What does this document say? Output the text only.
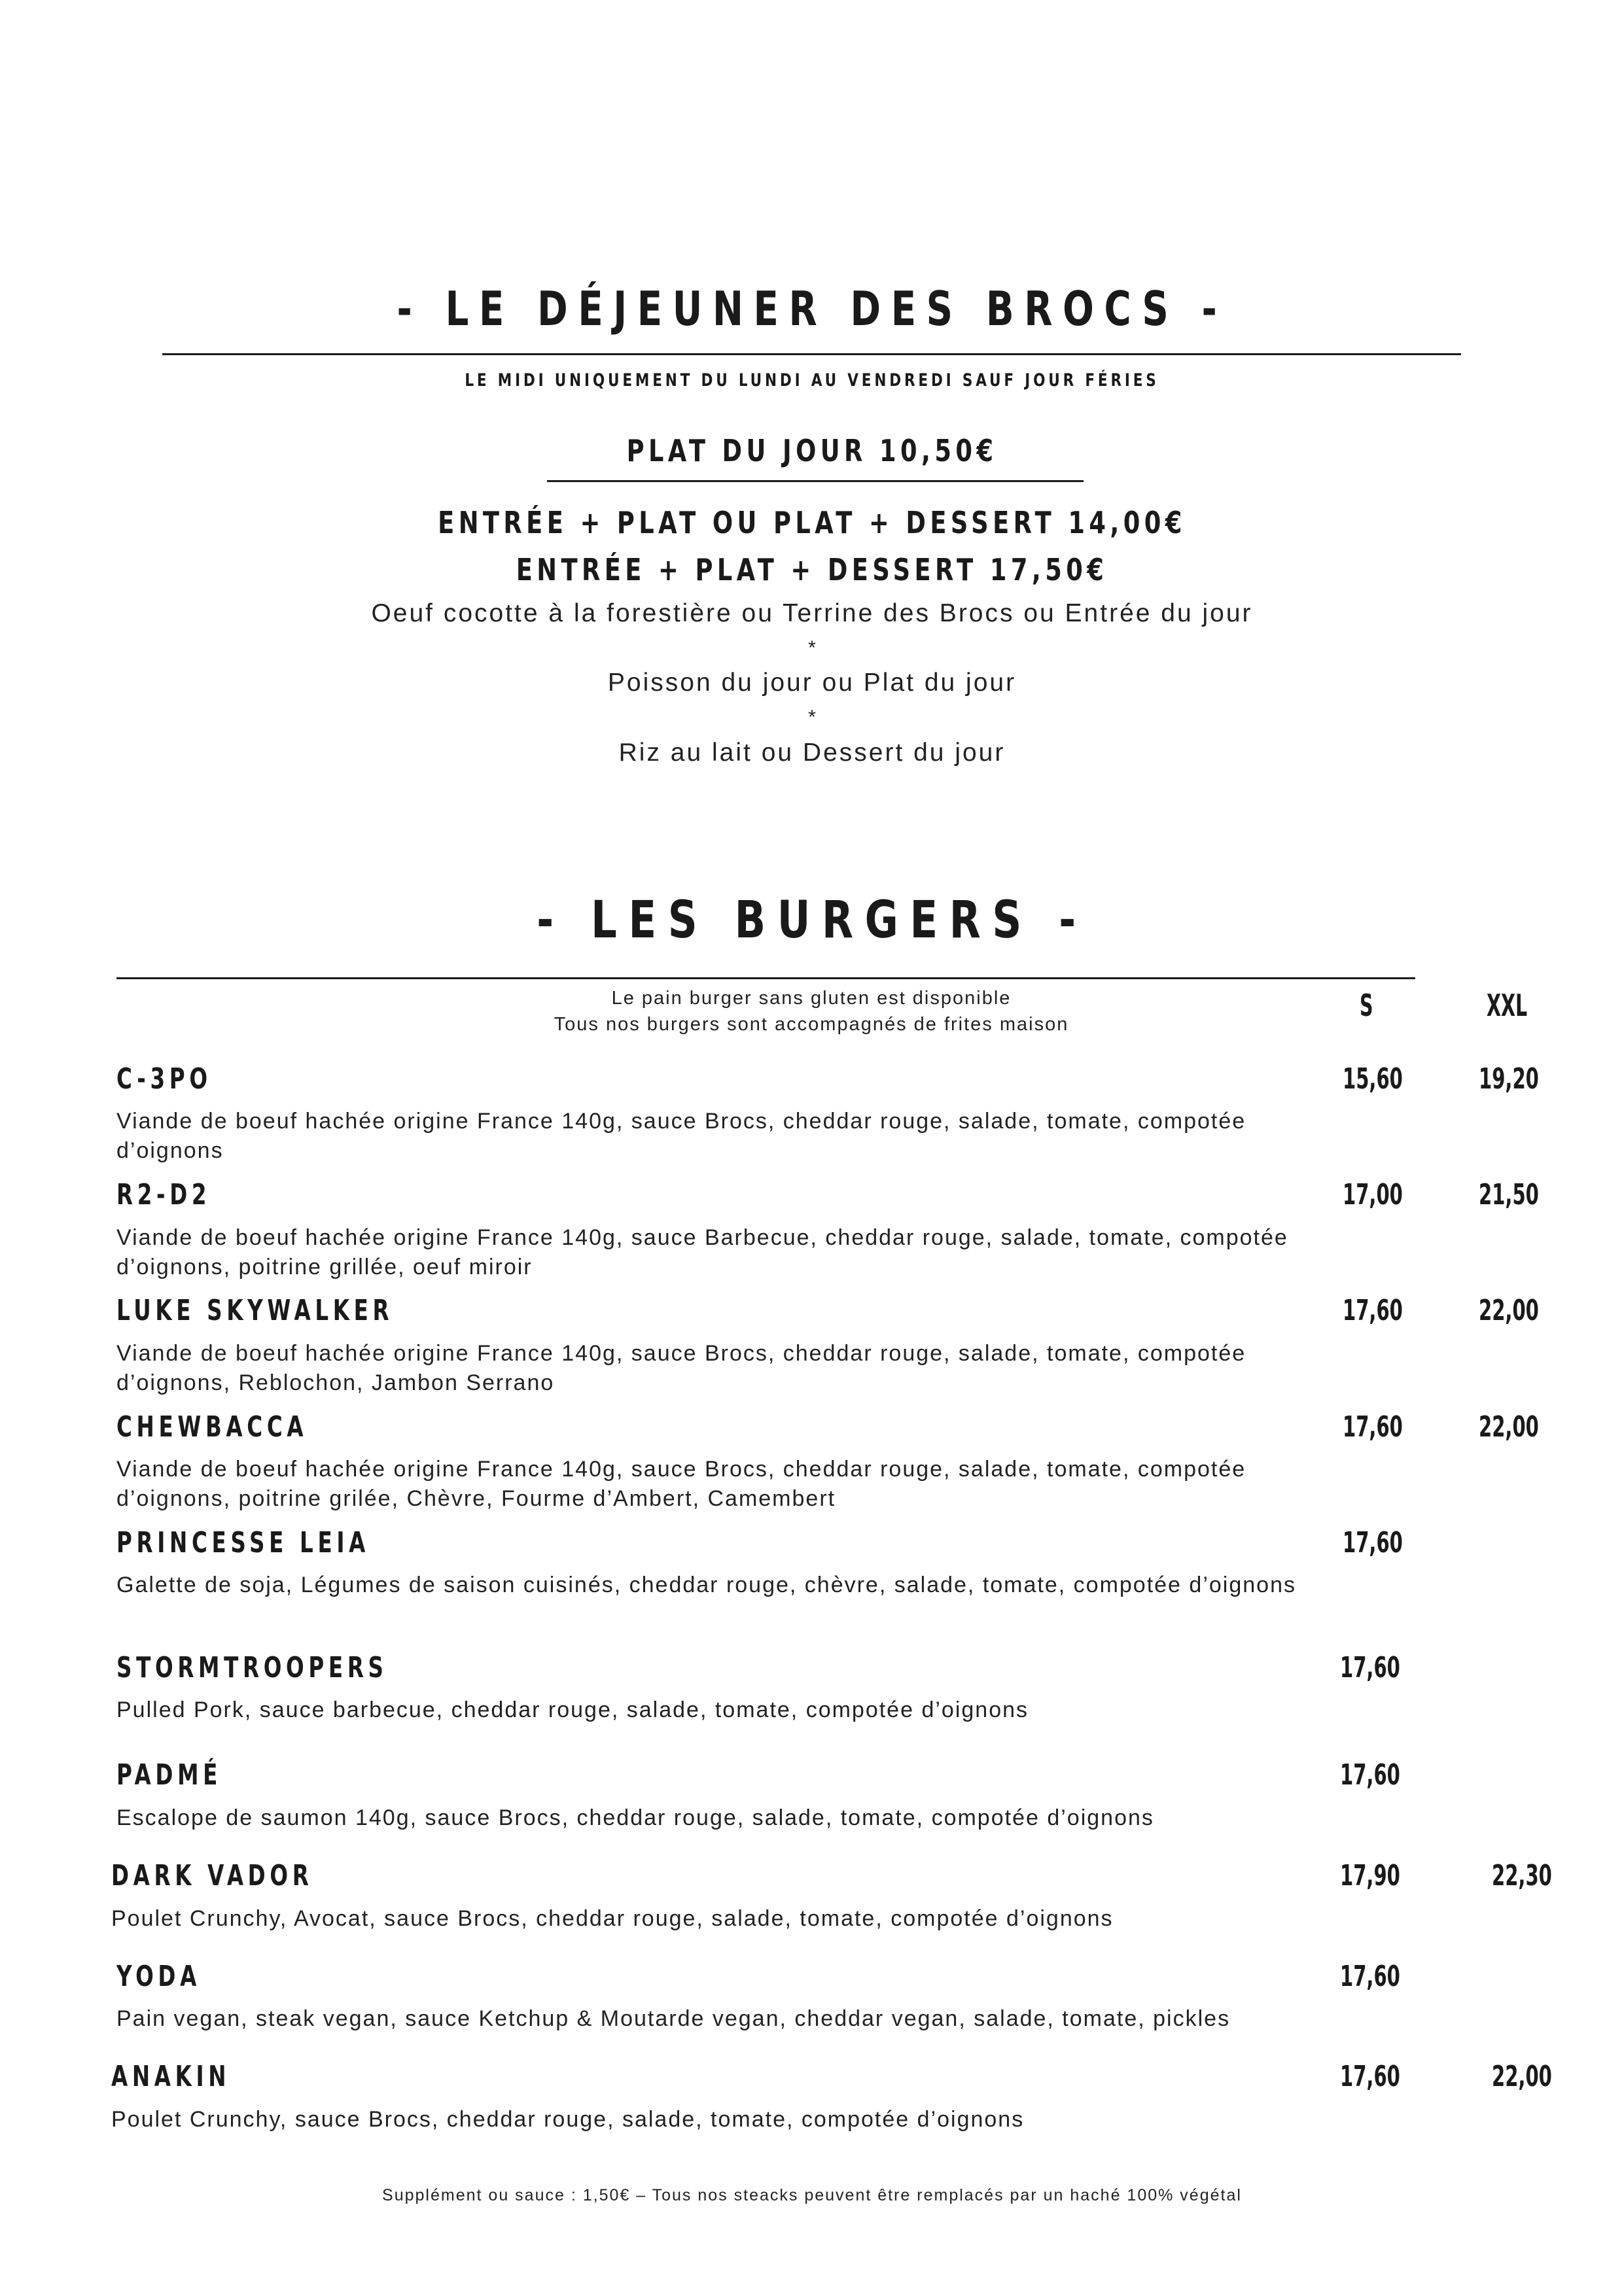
- LE DÉJEUNER DES BROCS -
LE MIDI UNIQUEMENT DU LUNDI AU VENDREDI SAUF JOUR FÉRIES
PLAT DU JOUR 10,50€
ENTRÉE + PLAT OU PLAT + DESSERT 14,00€
ENTRÉE + PLAT + DESSERT 17,50€
Oeuf cocotte à la forestière ou Terrine des Brocs ou Entrée du jour
*
Poisson du jour ou Plat du jour
*
Riz au lait ou Dessert du jour
- LES BURGERS -
Le pain burger sans gluten est disponible
Tous nos burgers sont accompagnés de frites maison
S	XXL
C-3PO	15,60	19,20
Viande de boeuf hachée origine France 140g, sauce Brocs, cheddar rouge, salade, tomate, compotée d’oignons
R2-D2	17,00	21,50
Viande de boeuf hachée origine France 140g, sauce Barbecue, cheddar rouge, salade, tomate, compotée d’oignons, poitrine grillée, oeuf miroir
LUKE SKYWALKER	17,60	22,00
Viande de boeuf hachée origine France 140g, sauce Brocs, cheddar rouge, salade, tomate, compotée d’oignons, Reblochon, Jambon Serrano
CHEWBACCA	17,60	22,00
Viande de boeuf hachée origine France 140g, sauce Brocs, cheddar rouge, salade, tomate, compotée d’oignons, poitrine grilée, Chèvre, Fourme d’Ambert, Camembert
PRINCESSE LEIA	17,60
Galette de soja, Légumes de saison cuisinés, cheddar rouge, chèvre, salade, tomate, compotée d’oignons
STORMTROOPERS	17,60
Pulled Pork, sauce barbecue, cheddar rouge, salade, tomate, compotée d’oignons
PADMÉ	17,60
Escalope de saumon 140g, sauce Brocs, cheddar rouge, salade, tomate, compotée d’oignons
DARK VADOR	17,90	22,30
Poulet Crunchy, Avocat, sauce Brocs, cheddar rouge, salade, tomate, compotée d’oignons
YODA	17,60
Pain vegan, steak vegan, sauce Ketchup & Moutarde vegan, cheddar vegan, salade, tomate, pickles
ANAKIN	17,60	22,00
Poulet Crunchy, sauce Brocs, cheddar rouge, salade, tomate, compotée d’oignons
Supplément ou sauce : 1,50€ – Tous nos steacks peuvent être remplacés par un haché 100% végétal
